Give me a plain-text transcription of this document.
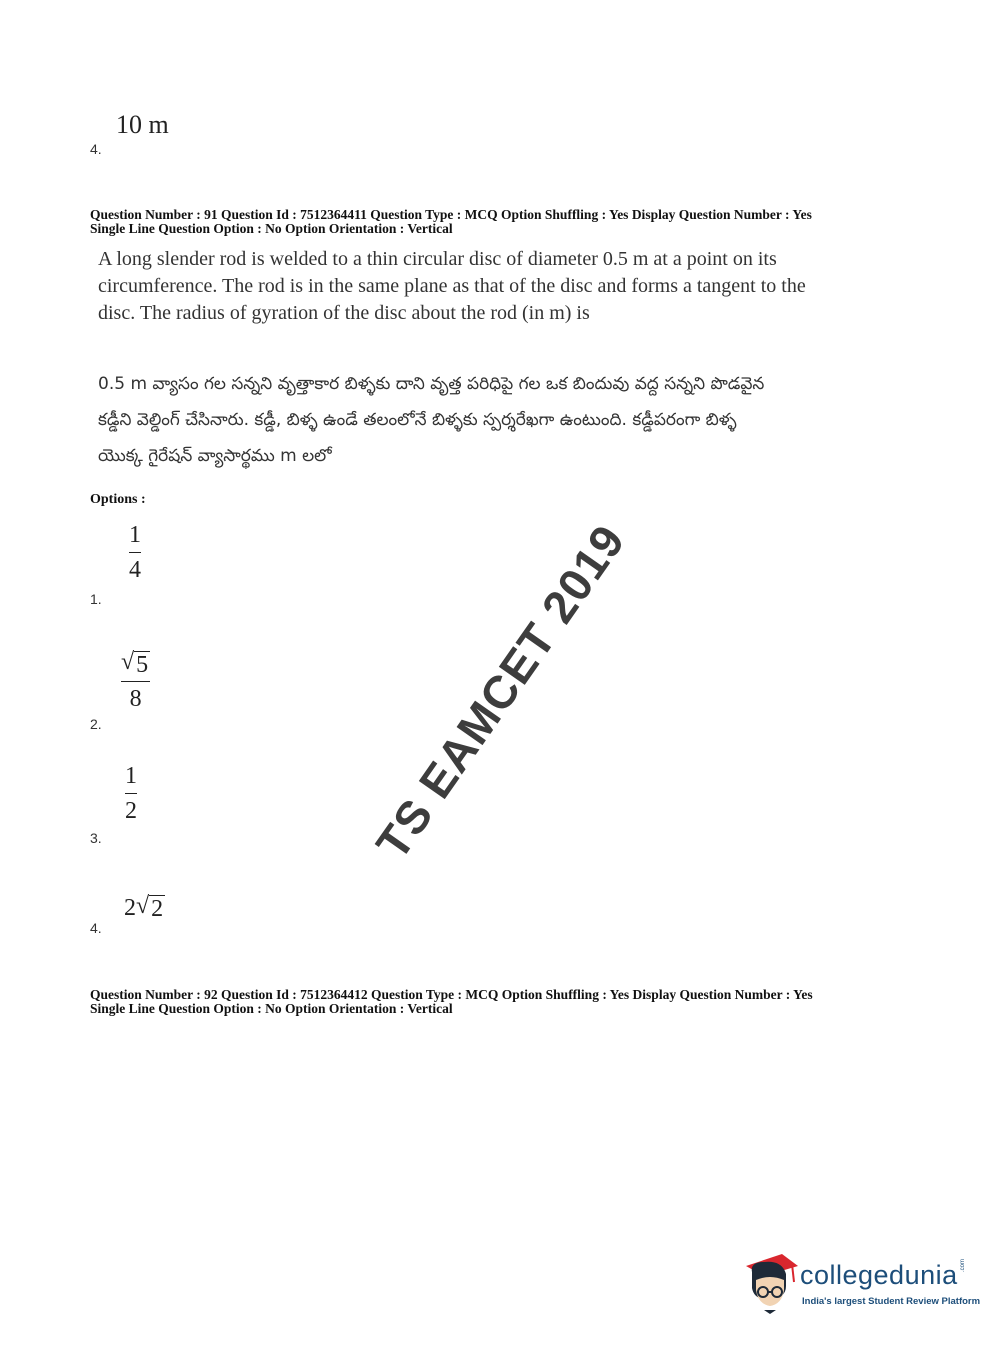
10 m
4.
Question Number : 91 Question Id : 7512364411 Question Type : MCQ Option Shuffling : Yes Display Question Number : Yes
Single Line Question Option : No Option Orientation : Vertical
A long slender rod is welded to a thin circular disc of diameter 0.5 m at a point on its
circumference. The rod is in the same plane as that of the disc and forms a tangent to the
disc. The radius of gyration of the disc about the rod (in m) is
0.5 m వ్యాసం గల సన్నని వృత్తాకార బిళ్ళకు దాని వృత్త పరిధిపై గల ఒక బిందువు వద్ద సన్నని పొడవైన
కడ్డీని వెల్డింగ్ చేసినారు. కడ్డీ, బిళ్ళ ఉండే తలంలోనే బిళ్ళకు స్పర్శరేఖగా ఉంటుంది. కడ్డీపరంగా బిళ్ళ
యొక్క గైరేషన్ వ్యాసార్థము m లలో
Options :
1
4
1.
√ 5
8
2.
1
2
3.
2 √ 2
4.
Question Number : 92 Question Id : 7512364412 Question Type : MCQ Option Shuffling : Yes Display Question Number : Yes
Single Line Question Option : No Option Orientation : Vertical
TS EAMCET 2019
collegedunia .com
India's largest Student Review Platform
